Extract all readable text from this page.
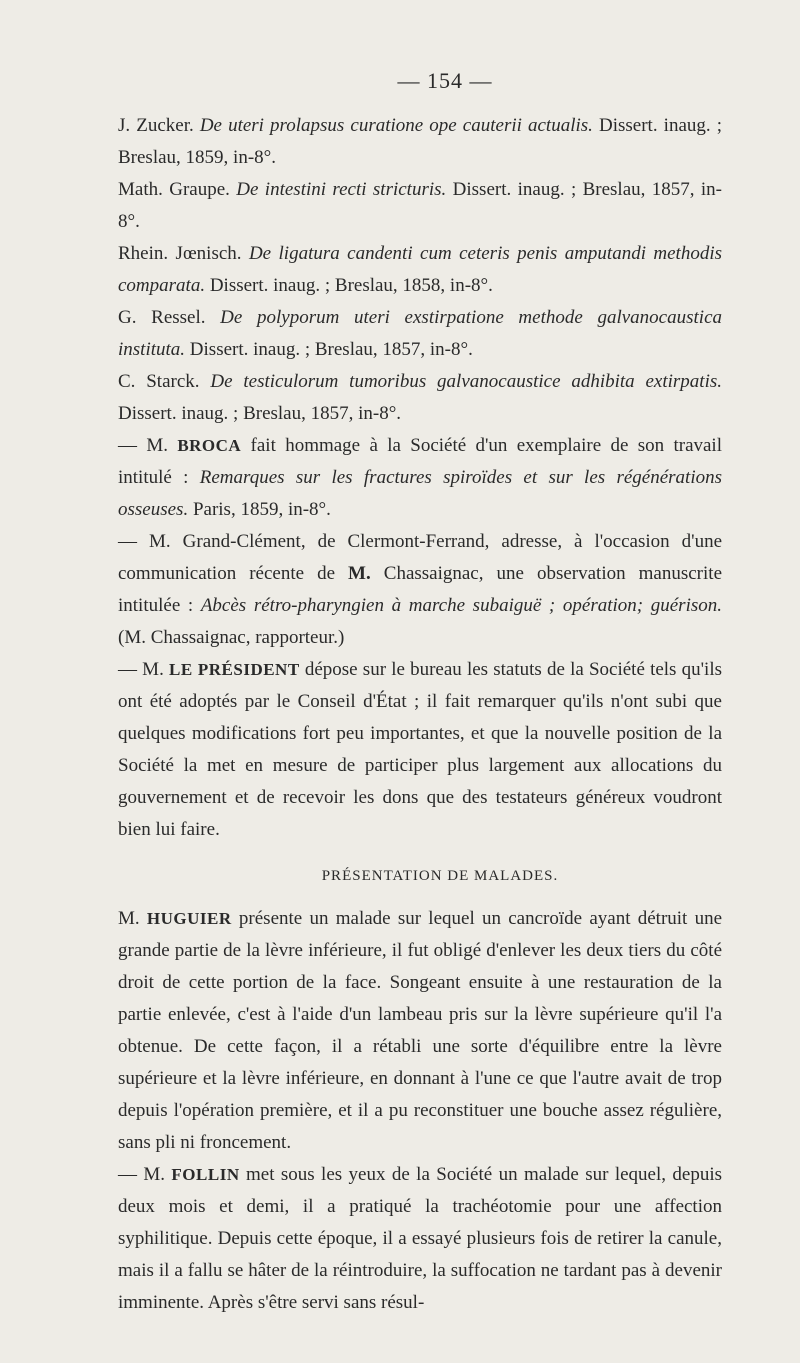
— 154 —

J. Zucker. De uteri prolapsus curatione ope cauterii actualis. Dissert. inaug. ; Breslau, 1859, in-8°.

Math. Graupe. De intestini recti stricturis. Dissert. inaug. ; Breslau, 1857, in-8°.

Rhein. Jœnisch. De ligatura candenti cum ceteris penis amputandi methodis comparata. Dissert. inaug. ; Breslau, 1858, in-8°.

G. Ressel. De polyporum uteri exstirpatione methode galvanocaustica instituta. Dissert. inaug. ; Breslau, 1857, in-8°.

C. Starck. De testiculorum tumoribus galvanocaustice adhibita extirpatis. Dissert. inaug. ; Breslau, 1857, in-8°.

— M. BROCA fait hommage à la Société d'un exemplaire de son travail intitulé : Remarques sur les fractures spiroïdes et sur les régénérations osseuses. Paris, 1859, in-8°.

— M. Grand-Clément, de Clermont-Ferrand, adresse, à l'occasion d'une communication récente de M. Chassaignac, une observation manuscrite intitulée : Abcès rétro-pharyngien à marche subaiguë ; opération; guérison. (M. Chassaignac, rapporteur.)

— M. LE PRÉSIDENT dépose sur le bureau les statuts de la Société tels qu'ils ont été adoptés par le Conseil d'État ; il fait remarquer qu'ils n'ont subi que quelques modifications fort peu importantes, et que la nouvelle position de la Société la met en mesure de participer plus largement aux allocations du gouvernement et de recevoir les dons que des testateurs généreux voudront bien lui faire.

PRÉSENTATION DE MALADES.

M. HUGUIER présente un malade sur lequel un cancroïde ayant détruit une grande partie de la lèvre inférieure, il fut obligé d'enlever les deux tiers du côté droit de cette portion de la face. Songeant ensuite à une restauration de la partie enlevée, c'est à l'aide d'un lambeau pris sur la lèvre supérieure qu'il l'a obtenue. De cette façon, il a rétabli une sorte d'équilibre entre la lèvre supérieure et la lèvre inférieure, en donnant à l'une ce que l'autre avait de trop depuis l'opération première, et il a pu reconstituer une bouche assez régulière, sans pli ni froncement.

— M. FOLLIN met sous les yeux de la Société un malade sur lequel, depuis deux mois et demi, il a pratiqué la trachéotomie pour une affection syphilitique. Depuis cette époque, il a essayé plusieurs fois de retirer la canule, mais il a fallu se hâter de la réintroduire, la suffocation ne tardant pas à devenir imminente. Après s'être servi sans résul-
